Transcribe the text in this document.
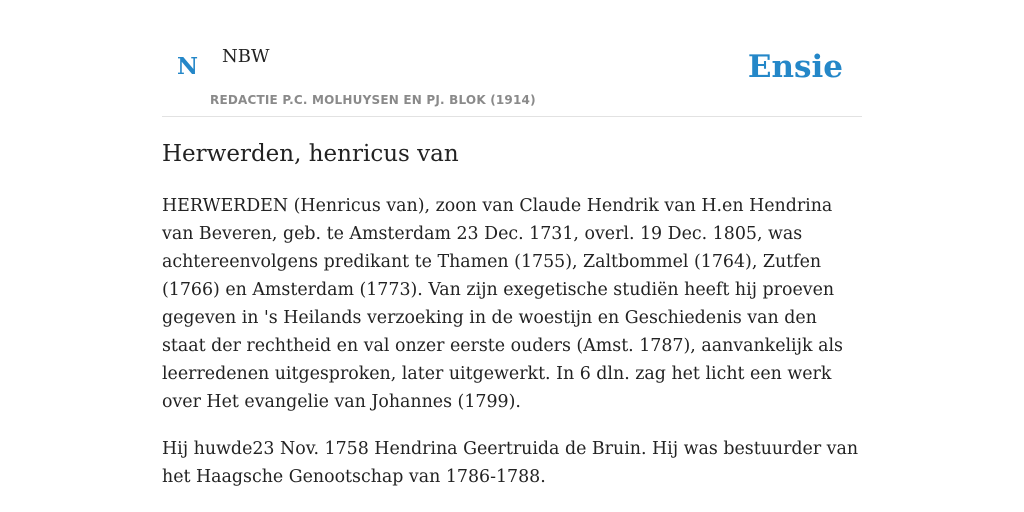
N NBW
REDACTIE P.C. MOLHUYSEN EN PJ. BLOK (1914)
Ensie
Herwerden, henricus van

HERWERDEN (Henricus van), zoon van Claude Hendrik van H.en Hendrina van Beveren, geb. te Amsterdam 23 Dec. 1731, overl. 19 Dec. 1805, was achtereenvolgens predikant te Thamen (1755), Zaltbommel (1764), Zutfen (1766) en Amsterdam (1773). Van zijn exegetische studiën heeft hij proeven gegeven in 's Heilands verzoeking in de woestijn en Geschiedenis van den staat der rechtheid en val onzer eerste ouders (Amst. 1787), aanvankelijk als leerredenen uitgesproken, later uitgewerkt. In 6 dln. zag het licht een werk over Het evangelie van Johannes (1799).

Hij huwde23 Nov. 1758 Hendrina Geertruida de Bruin. Hij was bestuurder van het Haagsche Genootschap van 1786-1788.
